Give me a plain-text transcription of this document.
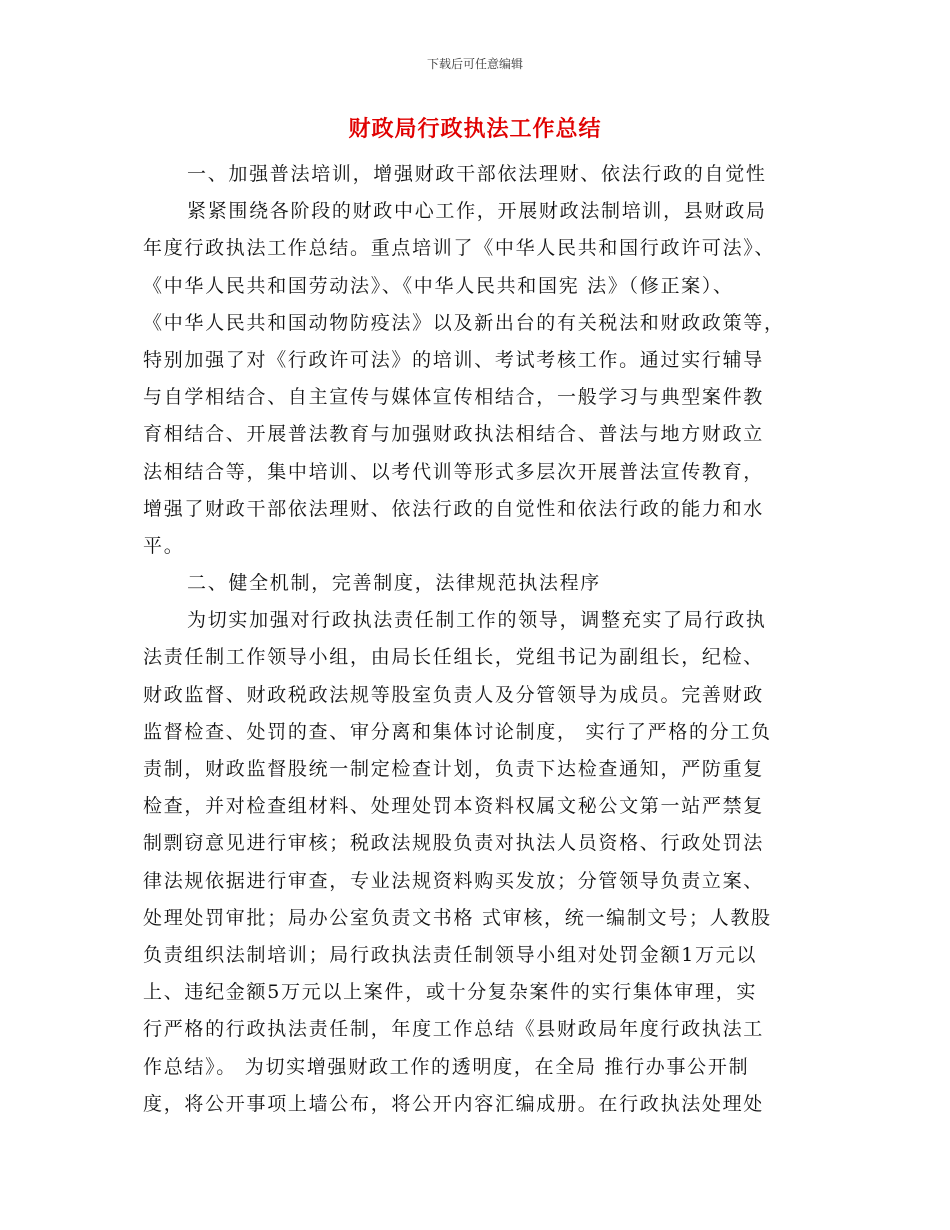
下载后可任意编辑
财政局行政执法工作总结
一、加强普法培训，增强财政干部依法理财、依法行政的自觉性
紧紧围绕各阶段的财政中心工作，开展财政法制培训，县财政局
年度行政执法工作总结。重点培训了《中华人民共和国行政许可法》、
《中华人民共和国劳动法》、《中华人民共和国宪 法》（修正案）、
《中华人民共和国动物防疫法》以及新出台的有关税法和财政政策等，
特别加强了对《行政许可法》的培训、考试考核工作。通过实行辅导
与自学相结合、自主宣传与媒体宣传相结合，一般学习与典型案件教
育相结合、开展普法教育与加强财政执法相结合、普法与地方财政立
法相结合等，集中培训、以考代训等形式多层次开展普法宣传教育，
增强了财政干部依法理财、依法行政的自觉性和依法行政的能力和水
平。
二、健全机制，完善制度，法律规范执法程序
为切实加强对行政执法责任制工作的领导，调整充实了局行政执
法责任制工作领导小组，由局长任组长，党组书记为副组长，纪检、
财政监督、财政税政法规等股室负责人及分管领导为成员。完善财政
监督检查、处罚的查、审分离和集体讨论制度， 实行了严格的分工负
责制，财政监督股统一制定检查计划，负责下达检查通知，严防重复
检查，并对检查组材料、处理处罚本资料权属文秘公文第一站严禁复
制剽窃意见进行审核；税政法规股负责对执法人员资格、行政处罚法
律法规依据进行审查，专业法规资料购买发放；分管领导负责立案、
处理处罚审批；局办公室负责文书格 式审核，统一编制文号；人教股
负责组织法制培训；局行政执法责任制领导小组对处罚金额1万元以
上、违纪金额5万元以上案件，或十分复杂案件的实行集体审理，实
行严格的行政执法责任制，年度工作总结《县财政局年度行政执法工
作总结》。 为切实增强财政工作的透明度，在全局 推行办事公开制
度，将公开事项上墙公布，将公开内容汇编成册。在行政执法处理处
